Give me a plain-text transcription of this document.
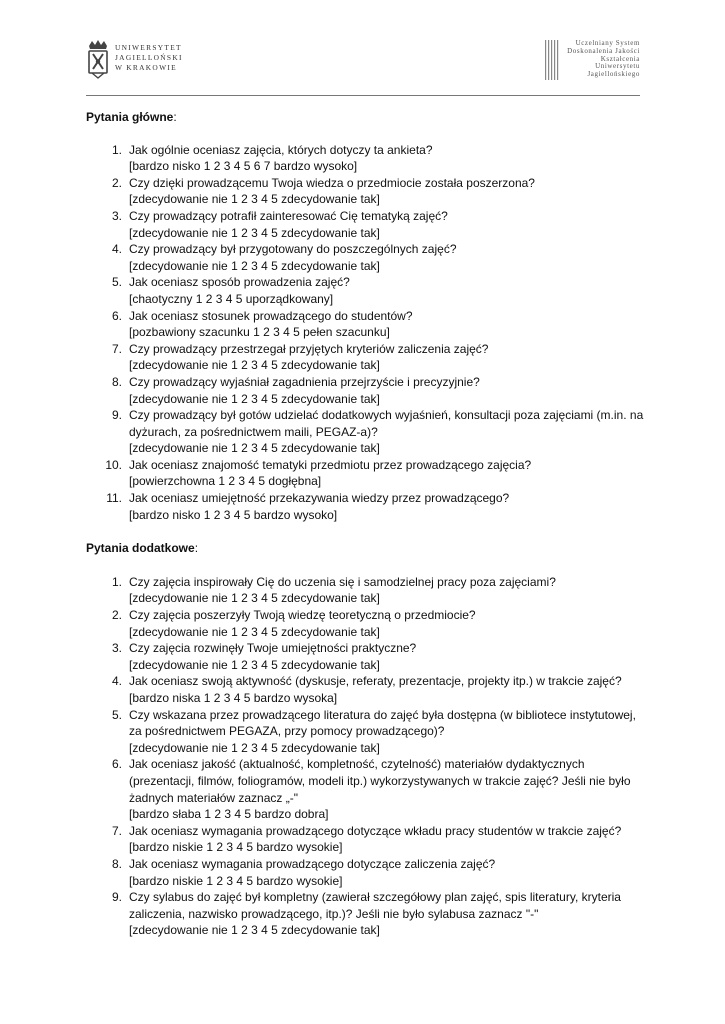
UNIWERSYTET
JAGIELLOŃSKI
W KRAKOWIE
Uczelniany System
Doskonalenia Jakości
Kształcenia
Uniwersytetu
Jagiellońskiego

Pytania główne:

1. Jak ogólnie oceniasz zajęcia, których dotyczy ta ankieta?
[bardzo nisko 1 2 3 4 5 6 7 bardzo wysoko]
2. Czy dzięki prowadzącemu Twoja wiedza o przedmiocie została poszerzona?
[zdecydowanie nie 1 2 3 4 5 zdecydowanie tak]
3. Czy prowadzący potrafił zainteresować Cię tematyką zajęć?
[zdecydowanie nie 1 2 3 4 5 zdecydowanie tak]
4. Czy prowadzący był przygotowany do poszczególnych zajęć?
[zdecydowanie nie 1 2 3 4 5 zdecydowanie tak]
5. Jak oceniasz sposób prowadzenia zajęć?
[chaotyczny 1 2 3 4 5 uporządkowany]
6. Jak oceniasz stosunek prowadzącego do studentów?
[pozbawiony szacunku 1 2 3 4 5 pełen szacunku]
7. Czy prowadzący przestrzegał przyjętych kryteriów zaliczenia zajęć?
[zdecydowanie nie 1 2 3 4 5 zdecydowanie tak]
8. Czy prowadzący wyjaśniał zagadnienia przejrzyście i precyzyjnie?
[zdecydowanie nie 1 2 3 4 5 zdecydowanie tak]
9. Czy prowadzący był gotów udzielać dodatkowych wyjaśnień, konsultacji poza zajęciami (m.in. na dyżurach, za pośrednictwem maili, PEGAZ-a)?
[zdecydowanie nie 1 2 3 4 5 zdecydowanie tak]
10. Jak oceniasz znajomość tematyki przedmiotu przez prowadzącego zajęcia?
[powierzchowna 1 2 3 4 5 dogłębna]
11. Jak oceniasz umiejętność przekazywania wiedzy przez prowadzącego?
[bardzo nisko 1 2 3 4 5 bardzo wysoko]

Pytania dodatkowe:

1. Czy zajęcia inspirowały Cię do uczenia się i samodzielnej pracy poza zajęciami?
[zdecydowanie nie 1 2 3 4 5 zdecydowanie tak]
2. Czy zajęcia poszerzyły Twoją wiedzę teoretyczną o przedmiocie?
[zdecydowanie nie 1 2 3 4 5 zdecydowanie tak]
3. Czy zajęcia rozwinęły Twoje umiejętności praktyczne?
[zdecydowanie nie 1 2 3 4 5 zdecydowanie tak]
4. Jak oceniasz swoją aktywność (dyskusje, referaty, prezentacje, projekty itp.) w trakcie zajęć?
[bardzo niska 1 2 3 4 5 bardzo wysoka]
5. Czy wskazana przez prowadzącego literatura do zajęć była dostępna (w bibliotece instytutowej, za pośrednictwem PEGAZA, przy pomocy prowadzącego)?
[zdecydowanie nie 1 2 3 4 5 zdecydowanie tak]
6. Jak oceniasz jakość (aktualność, kompletność, czytelność) materiałów dydaktycznych (prezentacji, filmów, foliogramów, modeli itp.) wykorzystywanych w trakcie zajęć? Jeśli nie było żadnych materiałów zaznacz „-"
[bardzo słaba 1 2 3 4 5 bardzo dobra]
7. Jak oceniasz wymagania prowadzącego dotyczące wkładu pracy studentów w trakcie zajęć?
[bardzo niskie 1 2 3 4 5 bardzo wysokie]
8. Jak oceniasz wymagania prowadzącego dotyczące zaliczenia zajęć?
[bardzo niskie 1 2 3 4 5 bardzo wysokie]
9. Czy sylabus do zajęć był kompletny (zawierał szczegółowy plan zajęć, spis literatury, kryteria zaliczenia, nazwisko prowadzącego, itp.)? Jeśli nie było sylabusa zaznacz "-"
[zdecydowanie nie 1 2 3 4 5 zdecydowanie tak]
